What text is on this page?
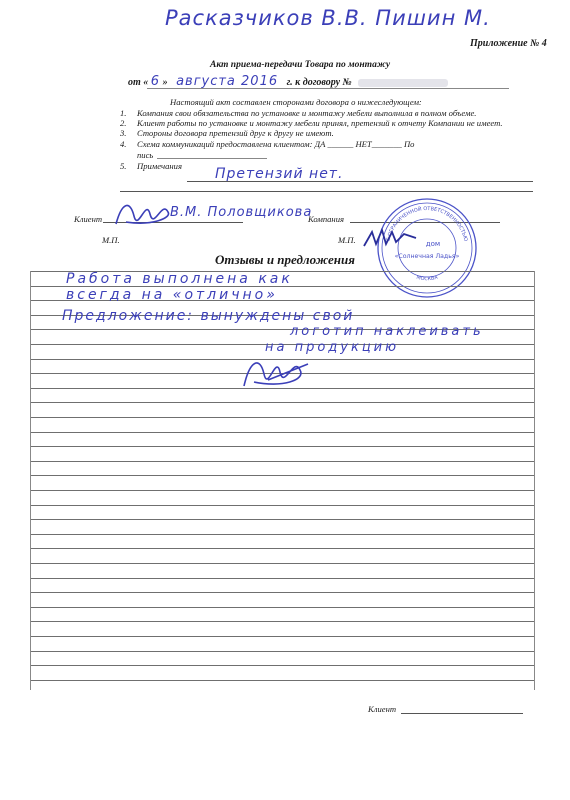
Расказчиков В.В. Пишин М.
Приложение № 4
Акт приема-передачи Товара по монтажу
от « 6 » августа 2016 г. к договору №
Настоящий акт составлен сторонами договора о нижеследующем:
1.	Компания свои обязательства по установке и монтажу мебели выполнила в полном объеме.
2.	Клиент работы по установке и монтажу мебели принял, претензий к отчету Компании не имеет.
3.	Стороны договора претензий друг к другу не имеют.
4.	Схема коммуникаций предоставлена клиентом: ДА ______ НЕТ_______ По
пись
5.	Примечания Претензий нет.
Клиент	В.М. Половщикова
М.П.
Компания
М.П.	С ОГРАНИЧЕННОЙ ОТВЕТСТВЕННОСТЬЮ
МОСКВА
дом
«Солнечная Ладья»
Отзывы и предложения
Работа выполнена как
всегда на «отлично»
Предложение: вынуждены свой
логотип наклеивать
на продукцию
Клиент
